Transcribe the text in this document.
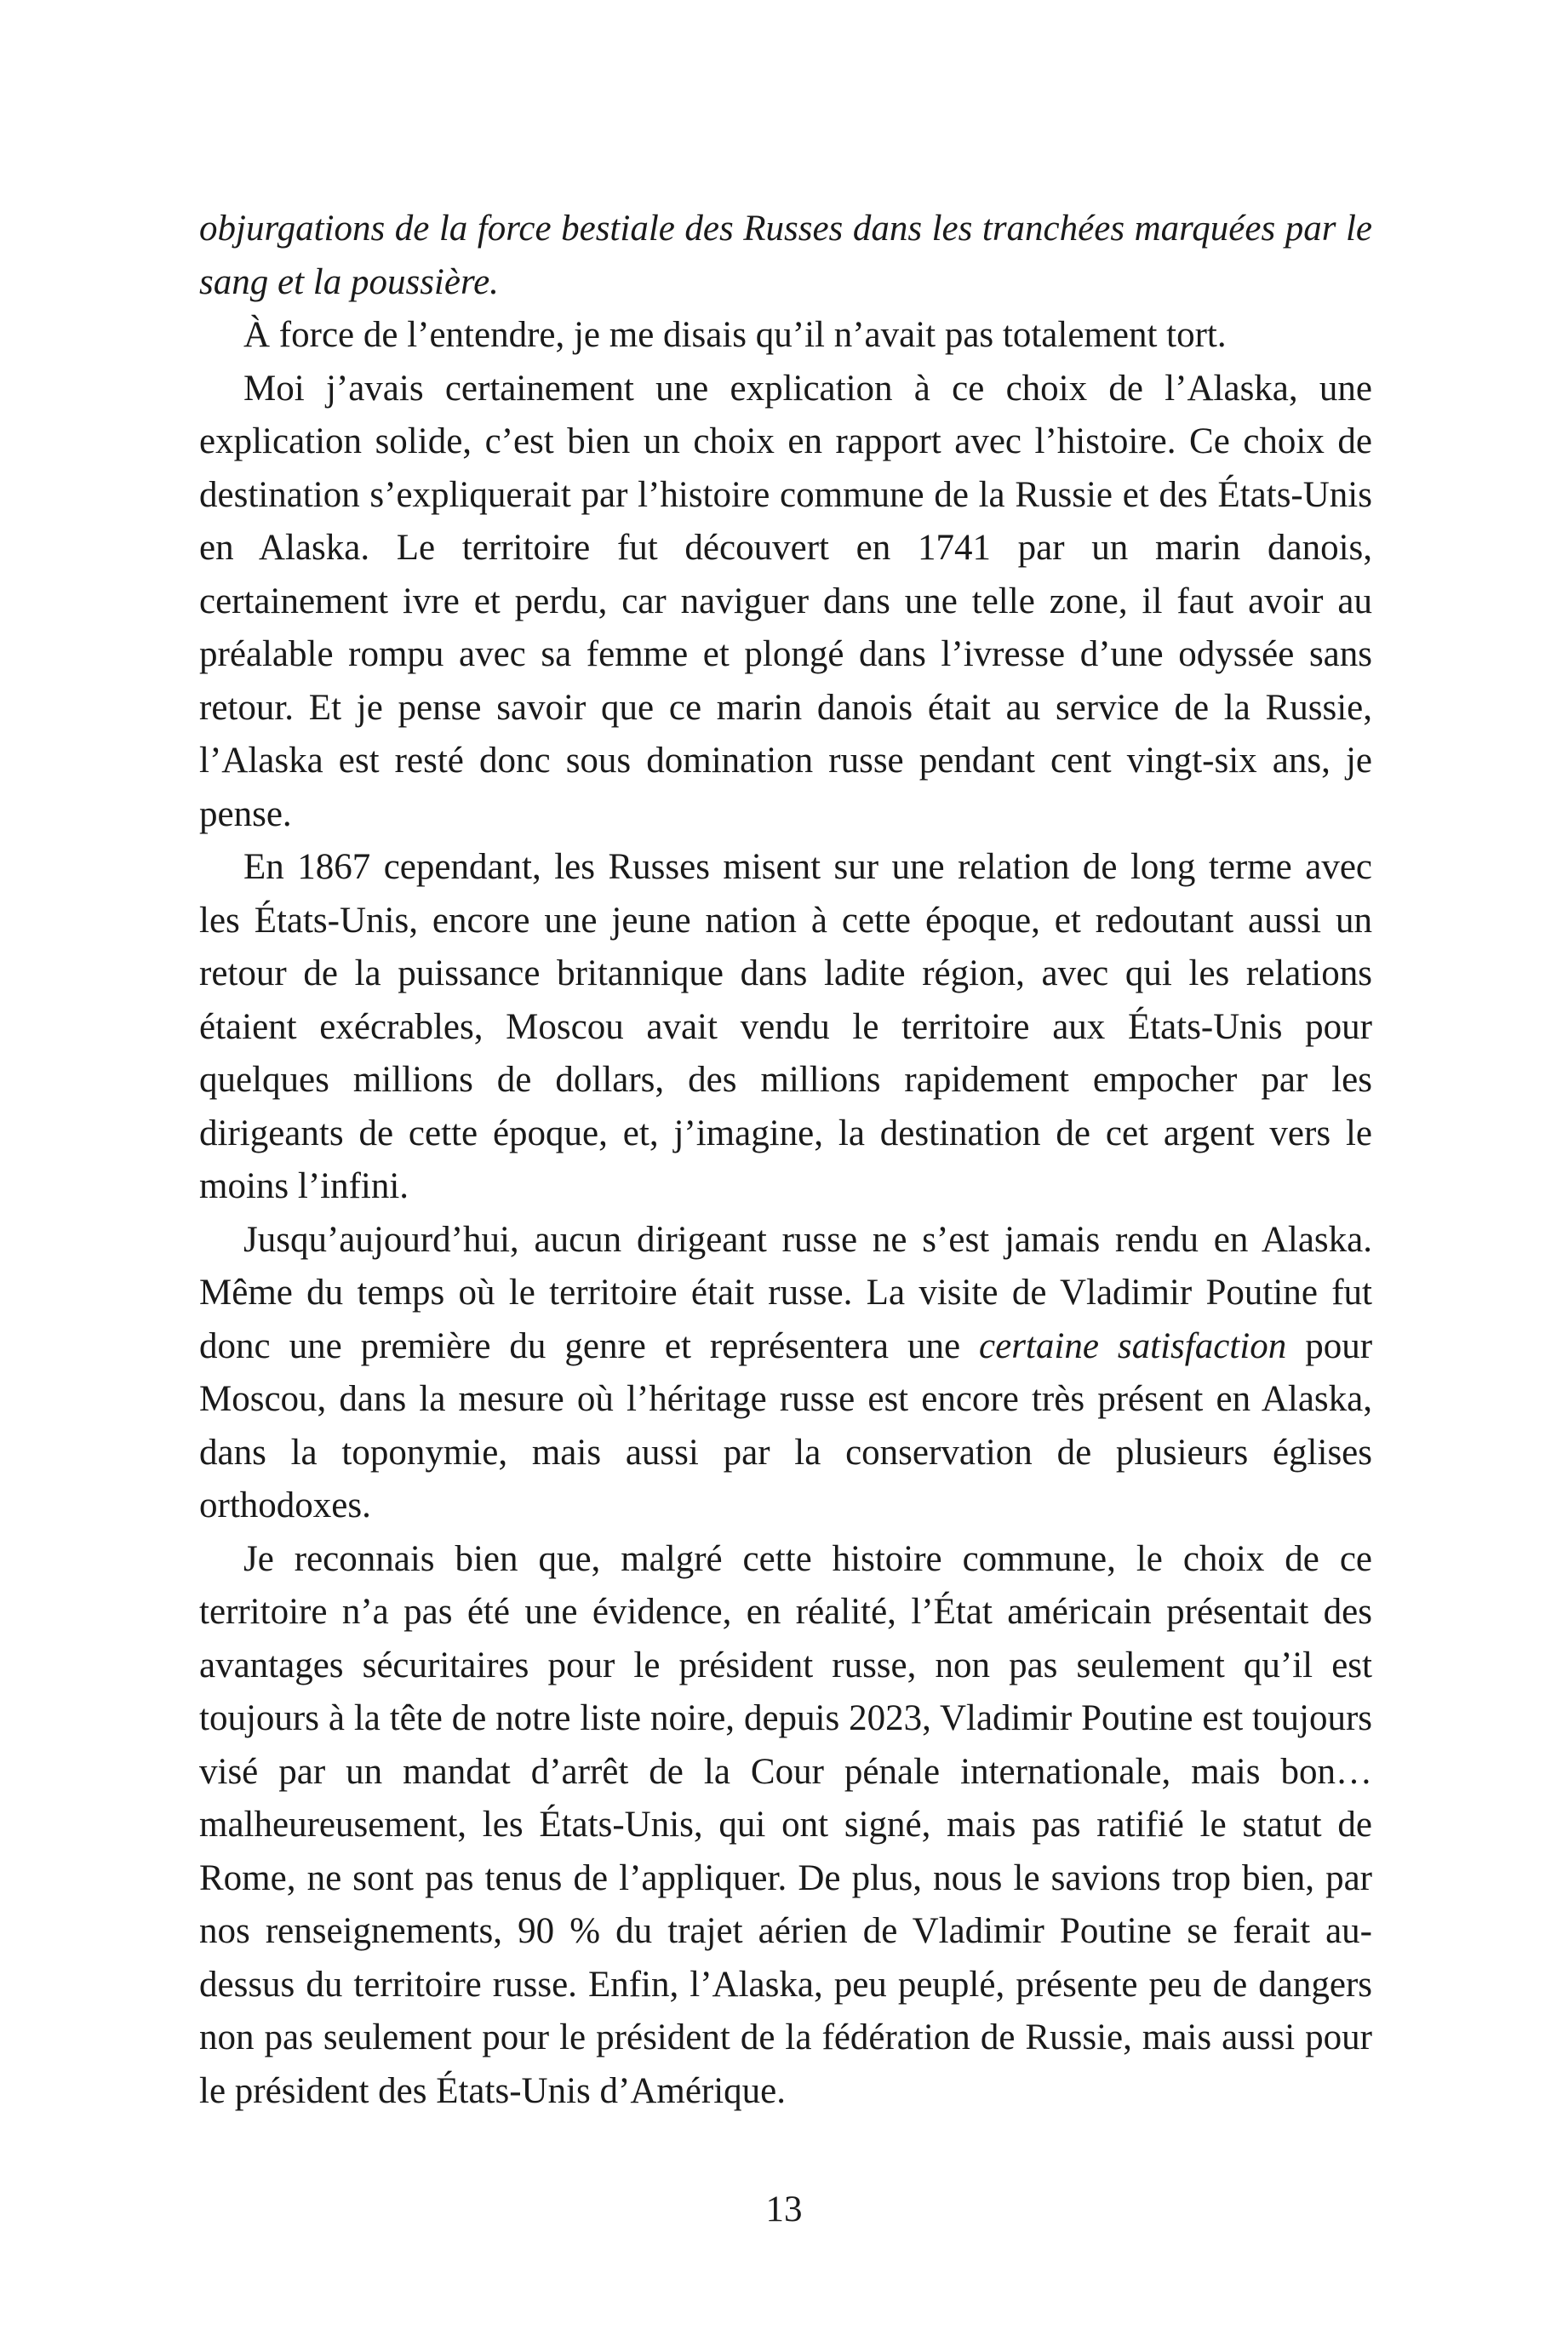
objurgations de la force bestiale des Russes dans les tranchées marquées par le sang et la poussière.

À force de l’entendre, je me disais qu’il n’avait pas totalement tort.

Moi j’avais certainement une explication à ce choix de l’Alaska, une explication solide, c’est bien un choix en rapport avec l’histoire. Ce choix de destination s’expliquerait par l’histoire commune de la Russie et des États-Unis en Alaska. Le territoire fut découvert en 1741 par un marin danois, certainement ivre et perdu, car naviguer dans une telle zone, il faut avoir au préalable rompu avec sa femme et plongé dans l’ivresse d’une odyssée sans retour. Et je pense savoir que ce marin danois était au service de la Russie, l’Alaska est resté donc sous domination russe pendant cent vingt-six ans, je pense.

En 1867 cependant, les Russes misent sur une relation de long terme avec les États-Unis, encore une jeune nation à cette époque, et redoutant aussi un retour de la puissance britannique dans ladite région, avec qui les relations étaient exécrables, Moscou avait vendu le territoire aux États-Unis pour quelques millions de dollars, des millions rapidement empocher par les dirigeants de cette époque, et, j’imagine, la destination de cet argent vers le moins l’infini.

Jusqu’aujourd’hui, aucun dirigeant russe ne s’est jamais rendu en Alaska. Même du temps où le territoire était russe. La visite de Vladimir Poutine fut donc une première du genre et représentera une certaine satisfaction pour Moscou, dans la mesure où l’héritage russe est encore très présent en Alaska, dans la toponymie, mais aussi par la conservation de plusieurs églises orthodoxes.

Je reconnais bien que, malgré cette histoire commune, le choix de ce territoire n’a pas été une évidence, en réalité, l’État américain présentait des avantages sécuritaires pour le président russe, non pas seulement qu’il est toujours à la tête de notre liste noire, depuis 2023, Vladimir Poutine est toujours visé par un mandat d’arrêt de la Cour pénale internationale, mais bon… malheureusement, les États-Unis, qui ont signé, mais pas ratifié le statut de Rome, ne sont pas tenus de l’appliquer. De plus, nous le savions trop bien, par nos renseignements, 90 % du trajet aérien de Vladimir Poutine se ferait au-dessus du territoire russe. Enfin, l’Alaska, peu peuplé, présente peu de dangers non pas seulement pour le président de la fédération de Russie, mais aussi pour le président des États-Unis d’Amérique.

13
